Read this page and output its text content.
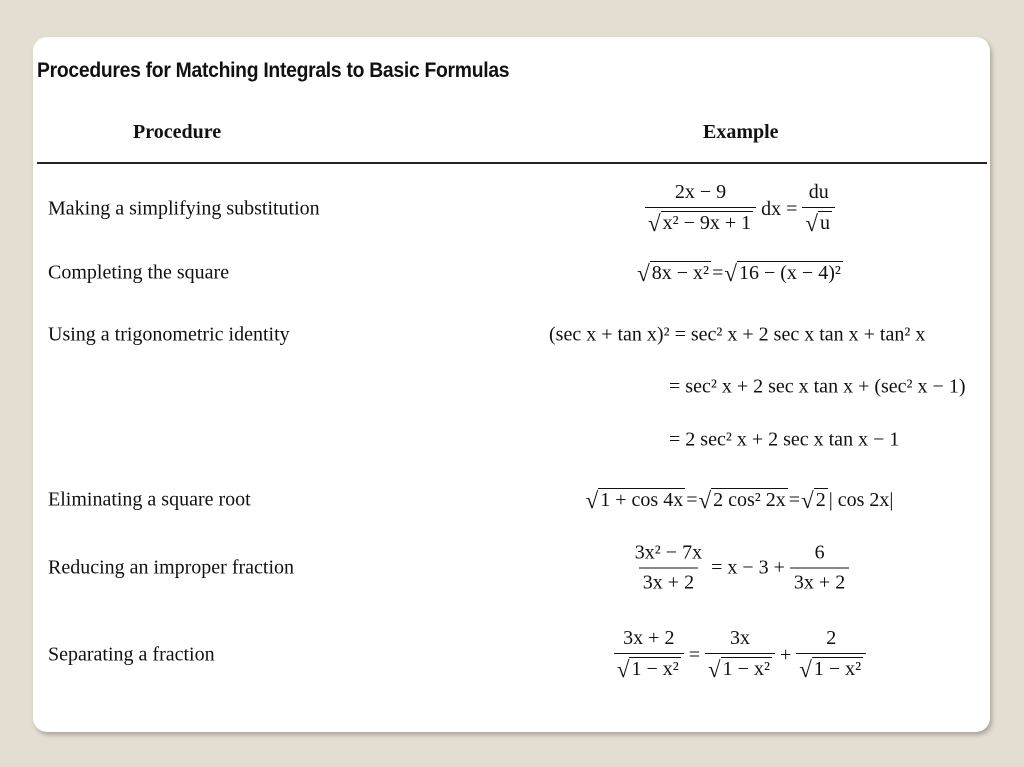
Procedures for Matching Integrals to Basic Formulas
Procedure	Example
Making a simplifying substitution	$\frac{2x - 9}{\text{√ x² − 9x + 1}}$ dx = $\frac{du}{√ u}$
Completing the square	√ 8x − x² = √ 16 − (x − 4)²
Using a trigonometric identity	(sec x + tan x)² = sec² x + 2 sec x tan x + tan² x
= sec² x + 2 sec x tan x + (sec² x − 1)
= 2 sec² x + 2 sec x tan x − 1
Eliminating a square root	√ 1 + cos 4x = √ 2 cos² 2x = √ 2 | cos 2x|
Reducing an improper fraction	$\frac{\text{3x² − 7x}}{3x + 2} = x - 3 + \frac{6}{3x + 2}$
Separating a fraction	$\frac{3x + 2}{\text{√ 1 − x²}} = \frac{3x}{\text{√ 1 − x²}} + \frac{2}{\text{√ 1 − x²}}$
